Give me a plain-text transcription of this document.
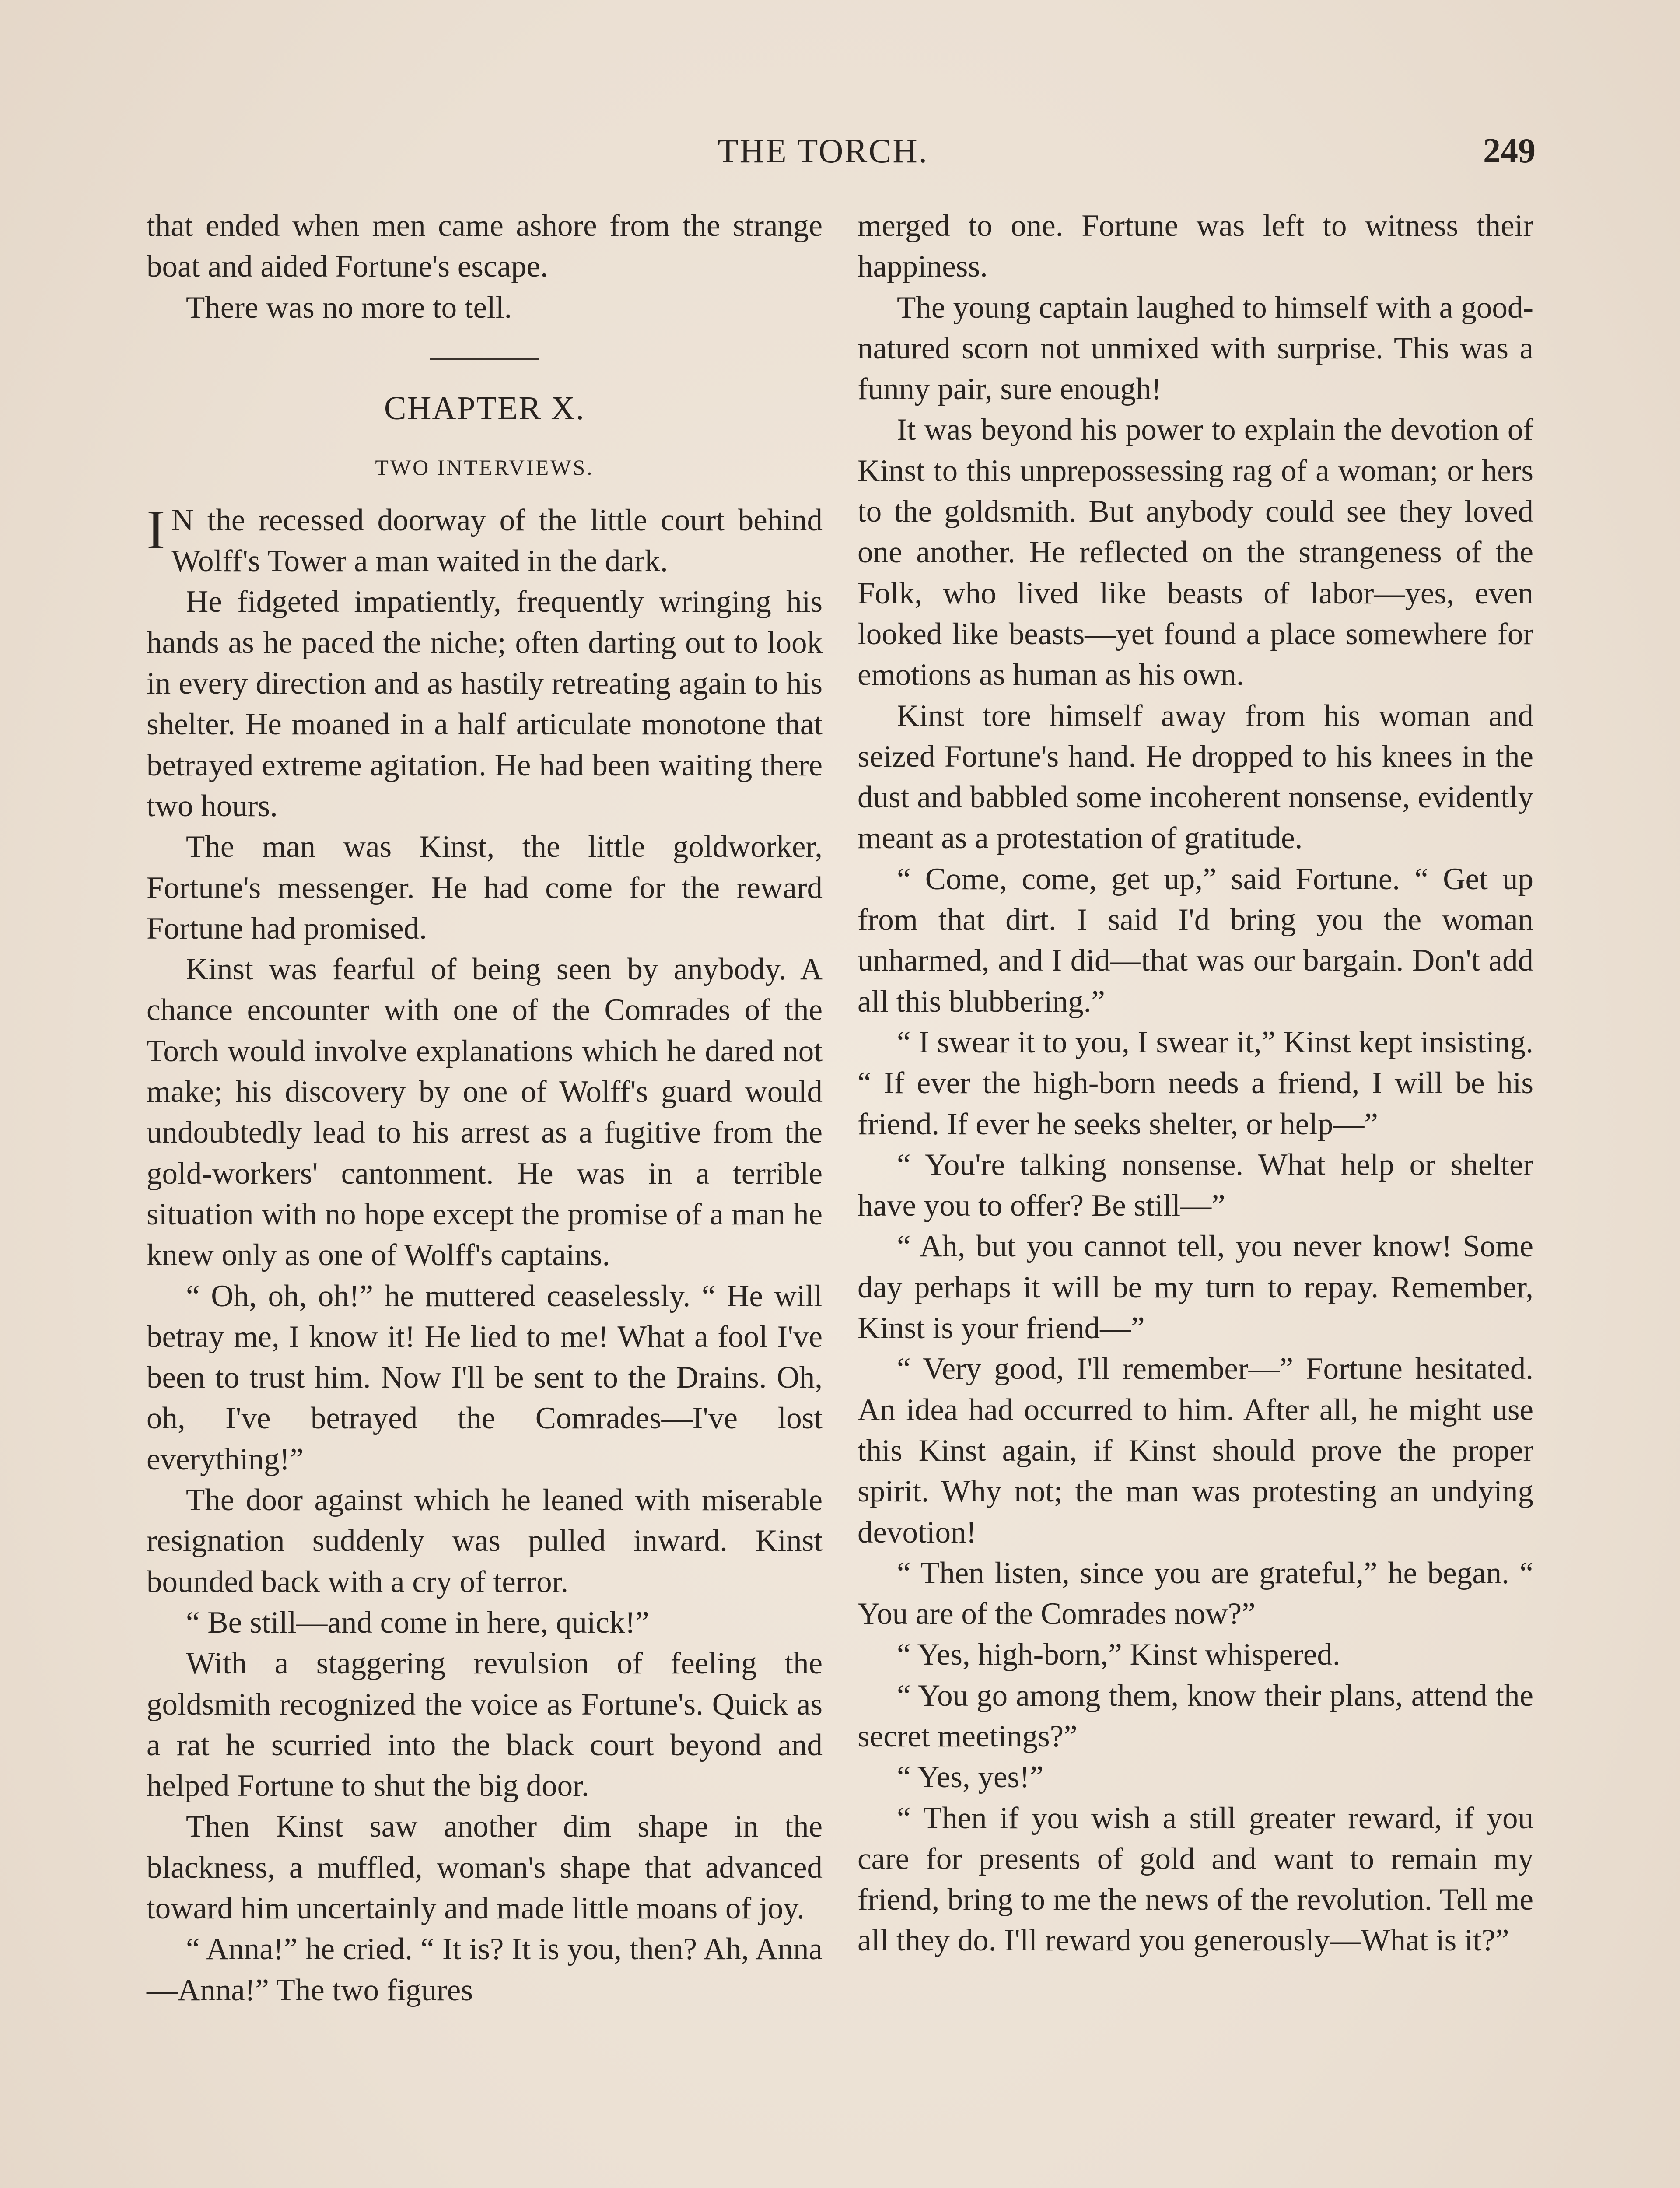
THE TORCH.	249

that ended when men came ashore from the strange boat and aided Fortune's escape.

There was no more to tell.

CHAPTER X.
TWO INTERVIEWS.

I N the recessed doorway of the little court behind Wolff's Tower a man waited in the dark.

He fidgeted impatiently, frequently wringing his hands as he paced the niche; often darting out to look in every direction and as hastily retreating again to his shelter. He moaned in a half articulate monotone that betrayed extreme agitation. He had been waiting there two hours.

The man was Kinst, the little goldworker, Fortune's messenger. He had come for the reward Fortune had promised.

Kinst was fearful of being seen by anybody. A chance encounter with one of the Comrades of the Torch would involve explanations which he dared not make; his discovery by one of Wolff's guard would undoubtedly lead to his arrest as a fugitive from the gold-workers' cantonment. He was in a terrible situation with no hope except the promise of a man he knew only as one of Wolff's captains.

“ Oh, oh, oh!” he muttered ceaselessly. “ He will betray me, I know it! He lied to me! What a fool I've been to trust him. Now I'll be sent to the Drains. Oh, oh, I've betrayed the Comrades—I've lost everything!”

The door against which he leaned with miserable resignation suddenly was pulled inward. Kinst bounded back with a cry of terror.

“ Be still—and come in here, quick!”

With a staggering revulsion of feeling the goldsmith recognized the voice as Fortune's. Quick as a rat he scurried into the black court beyond and helped Fortune to shut the big door.

Then Kinst saw another dim shape in the blackness, a muffled, woman's shape that advanced toward him uncertainly and made little moans of joy.

“ Anna!” he cried. “ It is? It is you, then? Ah, Anna—Anna!” The two figures

merged to one. Fortune was left to witness their happiness.

The young captain laughed to himself with a good-natured scorn not unmixed with surprise. This was a funny pair, sure enough!

It was beyond his power to explain the devotion of Kinst to this unprepossessing rag of a woman; or hers to the goldsmith. But anybody could see they loved one another. He reflected on the strangeness of the Folk, who lived like beasts of labor—yes, even looked like beasts—yet found a place somewhere for emotions as human as his own.

Kinst tore himself away from his woman and seized Fortune's hand. He dropped to his knees in the dust and babbled some incoherent nonsense, evidently meant as a protestation of gratitude.

“ Come, come, get up,” said Fortune. “ Get up from that dirt. I said I'd bring you the woman unharmed, and I did—that was our bargain. Don't add all this blubbering.”

“ I swear it to you, I swear it,” Kinst kept insisting. “ If ever the high-born needs a friend, I will be his friend. If ever he seeks shelter, or help—”

“ You're talking nonsense. What help or shelter have you to offer? Be still—”

“ Ah, but you cannot tell, you never know! Some day perhaps it will be my turn to repay. Remember, Kinst is your friend—”

“ Very good, I'll remember—” Fortune hesitated. An idea had occurred to him. After all, he might use this Kinst again, if Kinst should prove the proper spirit. Why not; the man was protesting an undying devotion!

“ Then listen, since you are grateful,” he began. “ You are of the Comrades now?”

“ Yes, high-born,” Kinst whispered.

“ You go among them, know their plans, attend the secret meetings?”

“ Yes, yes!”

“ Then if you wish a still greater reward, if you care for presents of gold and want to remain my friend, bring to me the news of the revolution. Tell me all they do. I'll reward you generously—What is it?”
